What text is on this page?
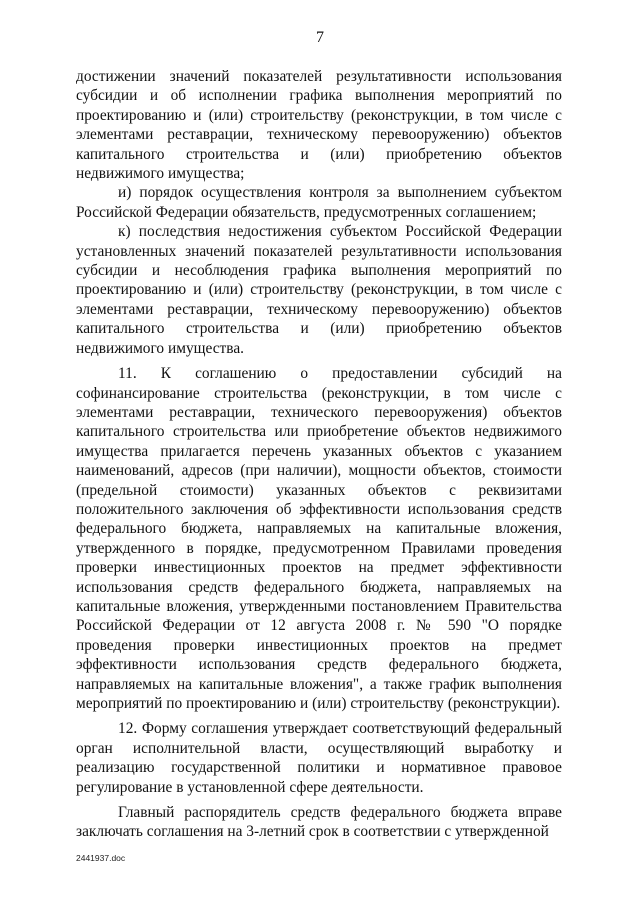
7

достижении значений показателей результативности использования субсидии и об исполнении графика выполнения мероприятий по проектированию и (или) строительству (реконструкции, в том числе с элементами реставрации, техническому перевооружению) объектов капитального строительства и (или) приобретению объектов недвижимого имущества;

и) порядок осуществления контроля за выполнением субъектом Российской Федерации обязательств, предусмотренных соглашением;

к) последствия недостижения субъектом Российской Федерации установленных значений показателей результативности использования субсидии и несоблюдения графика выполнения мероприятий по проектированию и (или) строительству (реконструкции, в том числе с элементами реставрации, техническому перевооружению) объектов капитального строительства и (или) приобретению объектов недвижимого имущества.

11. К соглашению о предоставлении субсидий на софинансирование строительства (реконструкции, в том числе с элементами реставрации, технического перевооружения) объектов капитального строительства или приобретение объектов недвижимого имущества прилагается перечень указанных объектов с указанием наименований, адресов (при наличии), мощности объектов, стоимости (предельной стоимости) указанных объектов с реквизитами положительного заключения об эффективности использования средств федерального бюджета, направляемых на капитальные вложения, утвержденного в порядке, предусмотренном Правилами проведения проверки инвестиционных проектов на предмет эффективности использования средств федерального бюджета, направляемых на капитальные вложения, утвержденными постановлением Правительства Российской Федерации от 12 августа 2008 г. № 590 "О порядке проведения проверки инвестиционных проектов на предмет эффективности использования средств федерального бюджета, направляемых на капитальные вложения", а также график выполнения мероприятий по проектированию и (или) строительству (реконструкции).

12. Форму соглашения утверждает соответствующий федеральный орган исполнительной власти, осуществляющий выработку и реализацию государственной политики и нормативное правовое регулирование в установленной сфере деятельности.

Главный распорядитель средств федерального бюджета вправе заключать соглашения на 3-летний срок в соответствии с утвержденной

2441937.doc
